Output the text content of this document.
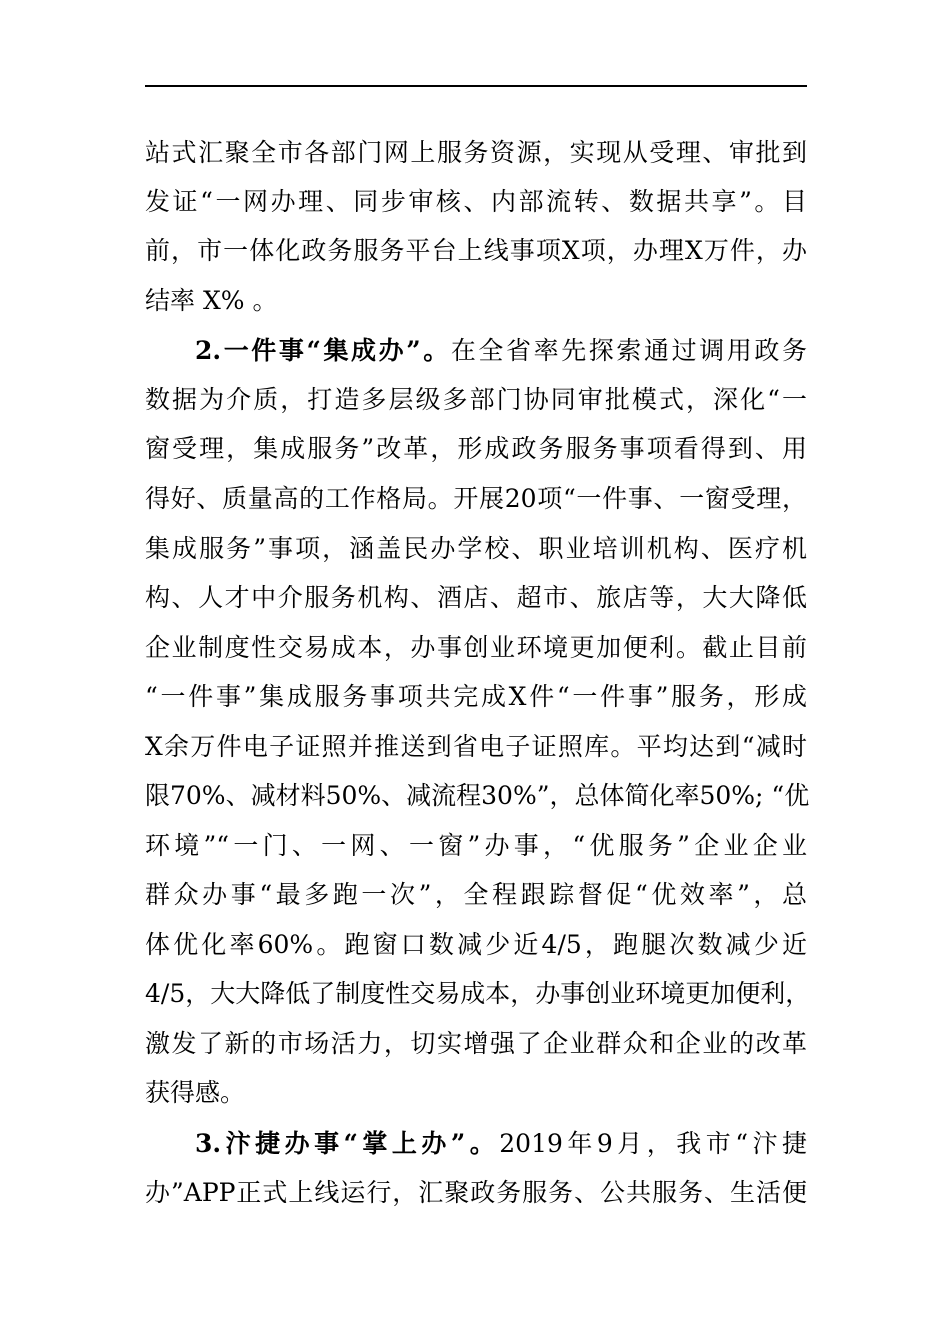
站式汇聚全市各部门网上服务资源，实现从受理、审批到
发证“一网办理、同步审核、内部流转、数据共享”。目
前，市一体化政务服务平台上线事项X项，办理X万件，办
结率 X% 。
2.一件事“集成办”。在全省率先探索通过调用政务
数据为介质，打造多层级多部门协同审批模式，深化“一
窗受理，集成服务”改革，形成政务服务事项看得到、用
得好、质量高的工作格局。开展20项“一件事、一窗受理，
集成服务”事项，涵盖民办学校、职业培训机构、医疗机
构、人才中介服务机构、酒店、超市、旅店等，大大降低
企业制度性交易成本，办事创业环境更加便利。截止目前
“一件事”集成服务事项共完成X件“一件事”服务，形成
X余万件电子证照并推送到省电子证照库。平均达到“减时
限70%、减材料50%、减流程30%”，总体简化率50%; “优
环境”“一门、一网、一窗”办事，“优服务”企业企业
群众办事“最多跑一次”，全程跟踪督促“优效率”，总
体优化率60%。跑窗口数减少近4/5，跑腿次数减少近
4/5，大大降低了制度性交易成本，办事创业环境更加便利，
激发了新的市场活力，切实增强了企业群众和企业的改革
获得感。
3.汴捷办事“掌上办”。2019年9月，我市“汴捷
办”APP正式上线运行，汇聚政务服务、公共服务、生活便
